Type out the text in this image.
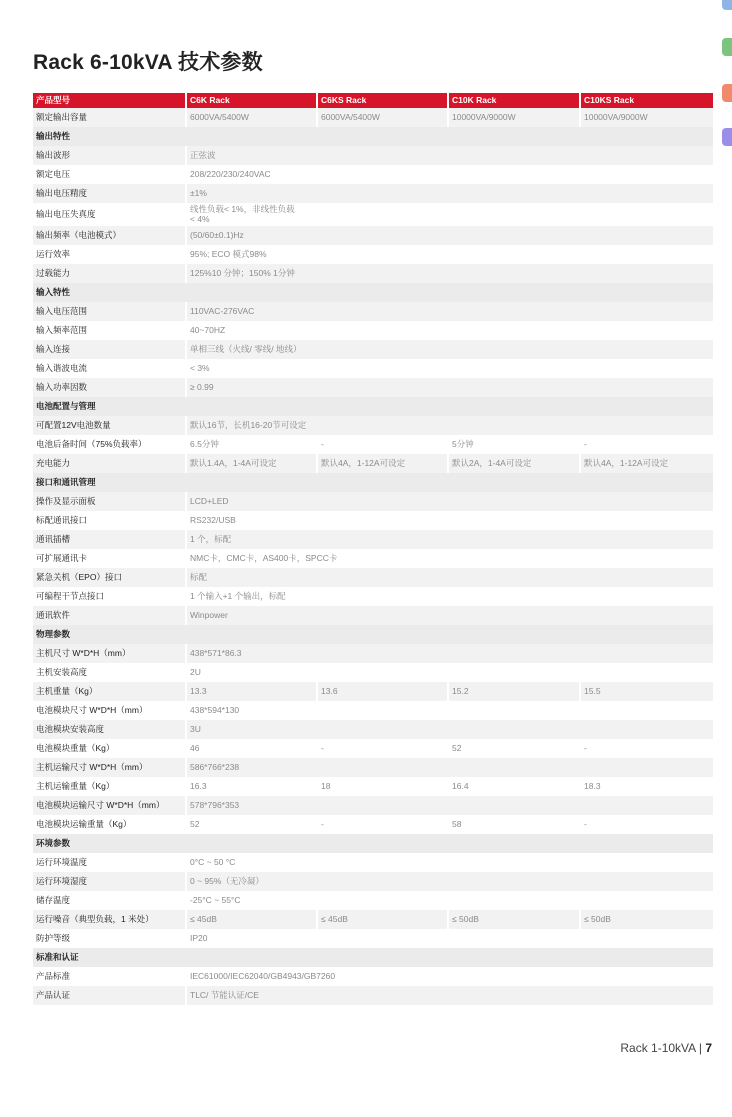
Rack 6-10kVA 技术参数
产品型号	C6K Rack	C6KS Rack	C10K Rack	C10KS Rack
额定输出容量	6000VA/5400W	6000VA/5400W	10000VA/9000W	10000VA/9000W
输出特性
输出波形	正弦波
额定电压	208/220/230/240VAC
输出电压精度	±1%
输出电压失真度	线性负载< 1%，非线性负载
< 4%
输出频率（电池模式）	(50/60±0.1)Hz
运行效率	95%; ECO 模式98%
过载能力	125%10 分钟；150% 1分钟
输入特性
输入电压范围	110VAC-276VAC
输入频率范围	40~70HZ
输入连接	单相三线（火线/ 零线/ 地线）
输入谐波电流	< 3%
输入功率因数	≥ 0.99
电池配置与管理
可配置12V电池数量	默认16节，长机16-20节可设定
电池后备时间（75%负载率）	6.5分钟	-	5分钟	-
充电能力	默认1.4A，1-4A可设定	默认4A，1-12A可设定	默认2A，1-4A可设定	默认4A，1-12A可设定
接口和通讯管理
操作及显示面板	LCD+LED
标配通讯接口	RS232/USB
通讯插槽	1 个，标配
可扩展通讯卡	NMC卡，CMC卡，AS400卡，SPCC卡
紧急关机（EPO）接口	标配
可编程干节点接口	1 个输入+1 个输出，标配
通讯软件	Winpower
物理参数
主机尺寸 W*D*H（mm）	438*571*86.3
主机安装高度	2U
主机重量（Kg）	13.3	13.6	15.2	15.5
电池模块尺寸 W*D*H（mm）	438*594*130
电池模块安装高度	3U
电池模块重量（Kg）	46	-	52	-
主机运输尺寸 W*D*H（mm）	586*766*238
主机运输重量（Kg）	16.3	18	16.4	18.3
电池模块运输尺寸 W*D*H（mm）	578*796*353
电池模块运输重量（Kg）	52	-	58	-
环境参数
运行环境温度	0°C ~ 50 °C
运行环境湿度	0 ~ 95%（无冷凝）
储存温度	-25°C ~ 55°C
运行噪音（典型负载，1 米处）	≤ 45dB	≤ 45dB	≤ 50dB	≤ 50dB
防护等级	IP20
标准和认证
产品标准	IEC61000/IEC62040/GB4943/GB7260
产品认证	TLC/ 节能认证/CE
Rack 1-10kVA | 7
